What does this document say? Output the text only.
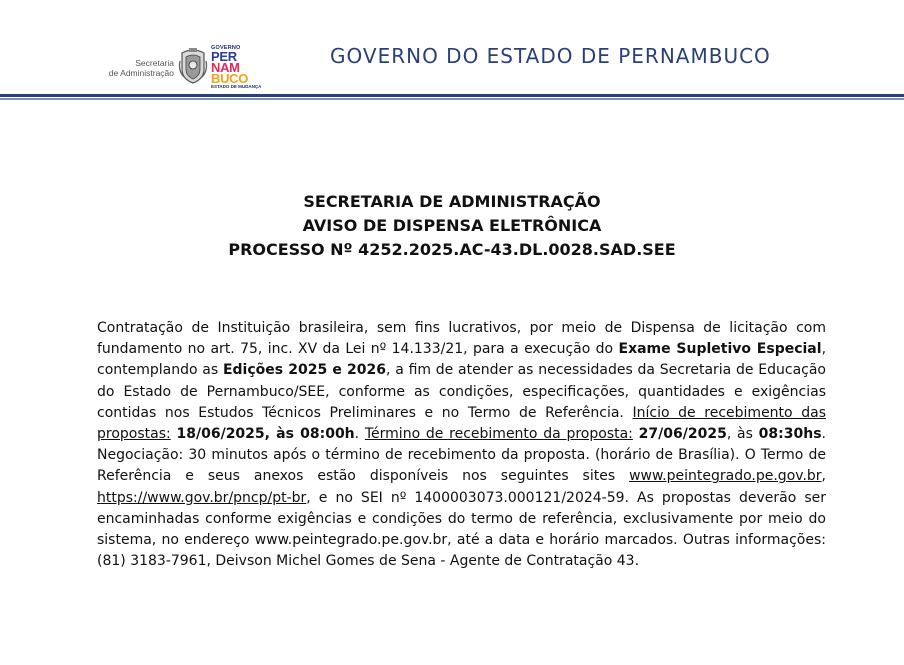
Secretaria
de Administração
GOVERNO
PER
NAM
BUCO
ESTADO DE MUDANÇA
GOVERNO DO ESTADO DE PERNAMBUCO
SECRETARIA DE ADMINISTRAÇÃO
AVISO DE DISPENSA ELETRÔNICA
PROCESSO Nº 4252.2025.AC-43.DL.0028.SAD.SEE
Contratação de Instituição brasileira, sem fins lucrativos, por meio de Dispensa de licitação com fundamento no art. 75, inc. XV da Lei nº 14.133/21, para a execução do Exame Supletivo Especial, contemplando as Edições 2025 e 2026, a fim de atender as necessidades da Secretaria de Educação do Estado de Pernambuco/SEE, conforme as condições, especificações, quantidades e exigências contidas nos Estudos Técnicos Preliminares e no Termo de Referência. Início de recebimento das propostas: 18/06/2025, às 08:00h. Término de recebimento da proposta: 27/06/2025, às 08:30hs. Negociação: 30 minutos após o término de recebimento da proposta. (horário de Brasília). O Termo de Referência e seus anexos estão disponíveis nos seguintes sites www.peintegrado.pe.gov.br, https://www.gov.br/pncp/pt-br, e no SEI nº 1400003073.000121/2024-59. As propostas deverão ser encaminhadas conforme exigências e condições do termo de referência, exclusivamente por meio do sistema, no endereço www.peintegrado.pe.gov.br, até a data e horário marcados. Outras informações: (81) 3183-7961, Deivson Michel Gomes de Sena - Agente de Contratação 43.
